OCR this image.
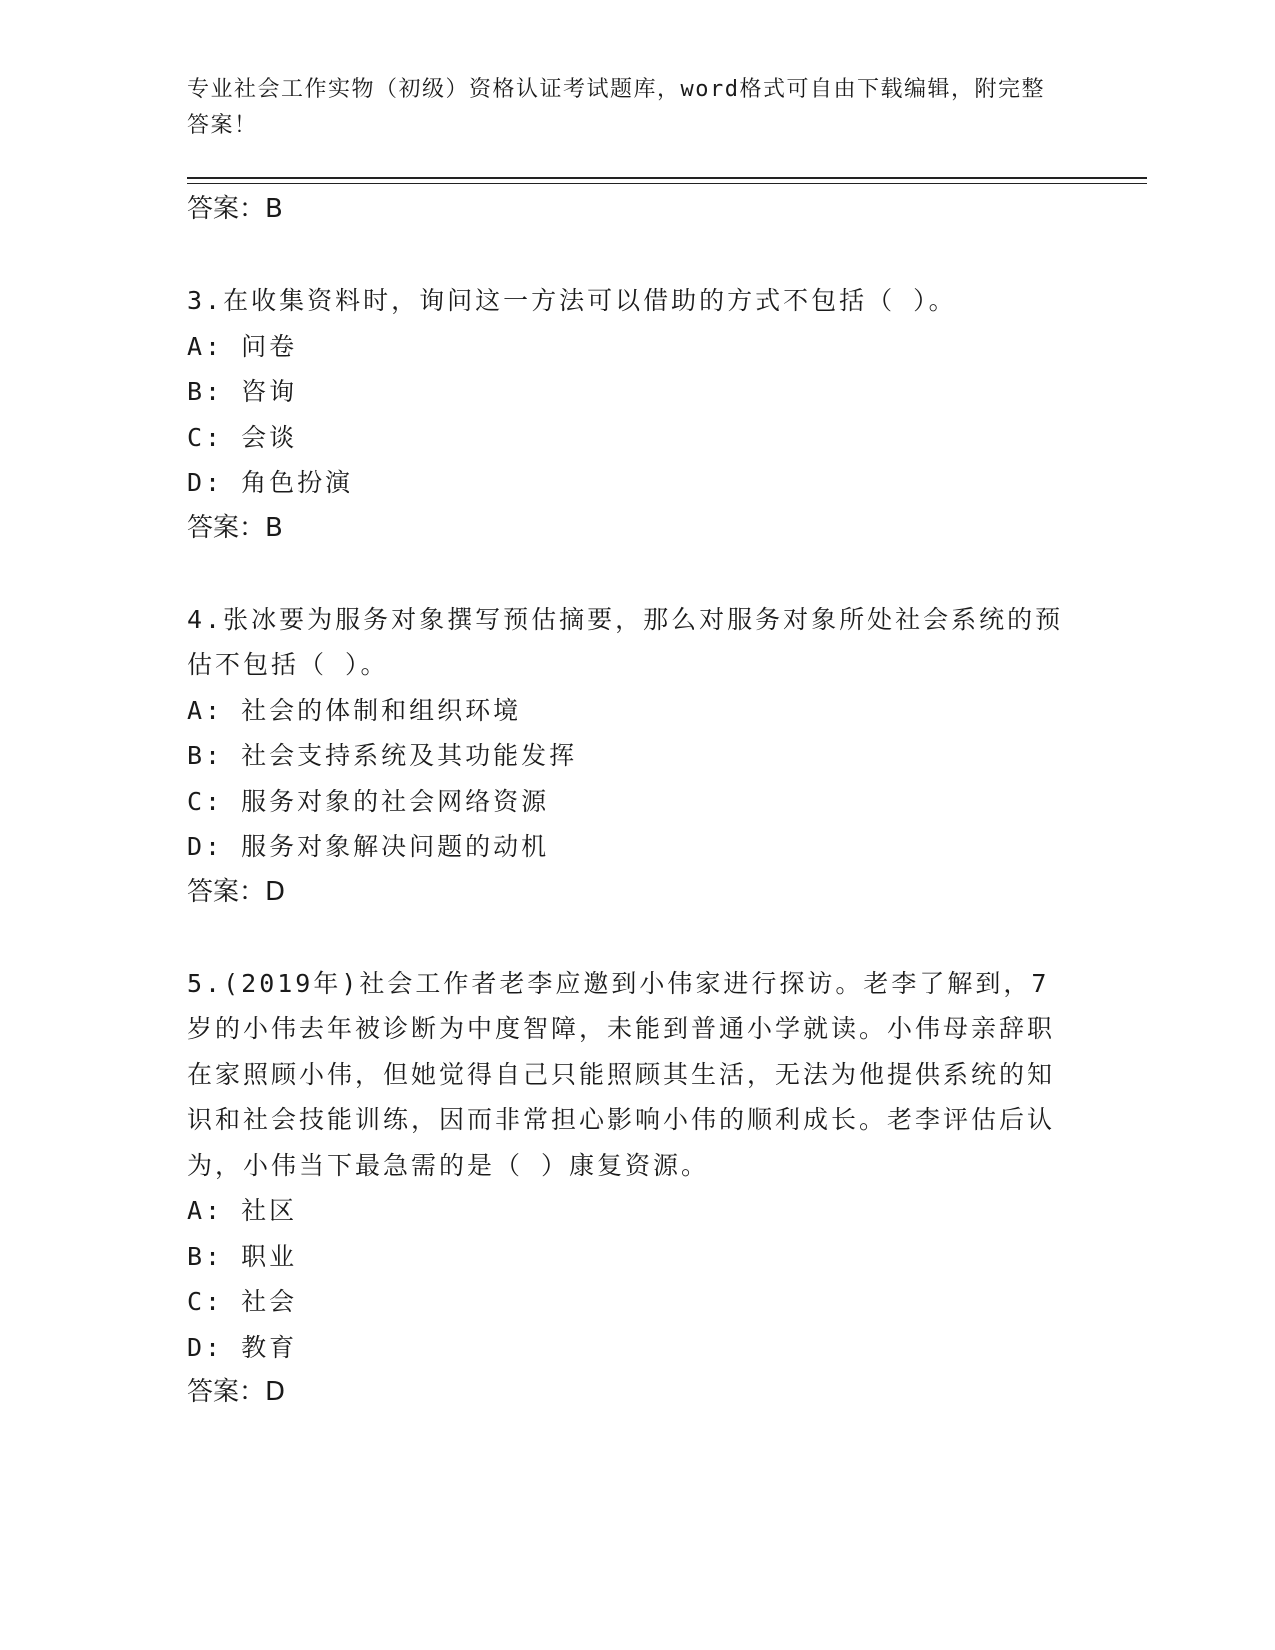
专业社会工作实物（初级）资格认证考试题库，word格式可自由下载编辑，附完整答案！

答案：B

3.在收集资料时，询问这一方法可以借助的方式不包括（ ）。

A: 问卷

B: 咨询

C: 会谈

D: 角色扮演

答案：B

4.张冰要为服务对象撰写预估摘要，那么对服务对象所处社会系统的预估不包括（ ）。

A: 社会的体制和组织环境

B: 社会支持系统及其功能发挥

C: 服务对象的社会网络资源

D: 服务对象解决问题的动机

答案：D

5.(2019年)社会工作者老李应邀到小伟家进行探访。老李了解到，7岁的小伟去年被诊断为中度智障，未能到普通小学就读。小伟母亲辞职在家照顾小伟，但她觉得自己只能照顾其生活，无法为他提供系统的知识和社会技能训练，因而非常担心影响小伟的顺利成长。老李评估后认为，小伟当下最急需的是（ ）康复资源。

A: 社区

B: 职业

C: 社会

D: 教育

答案：D
